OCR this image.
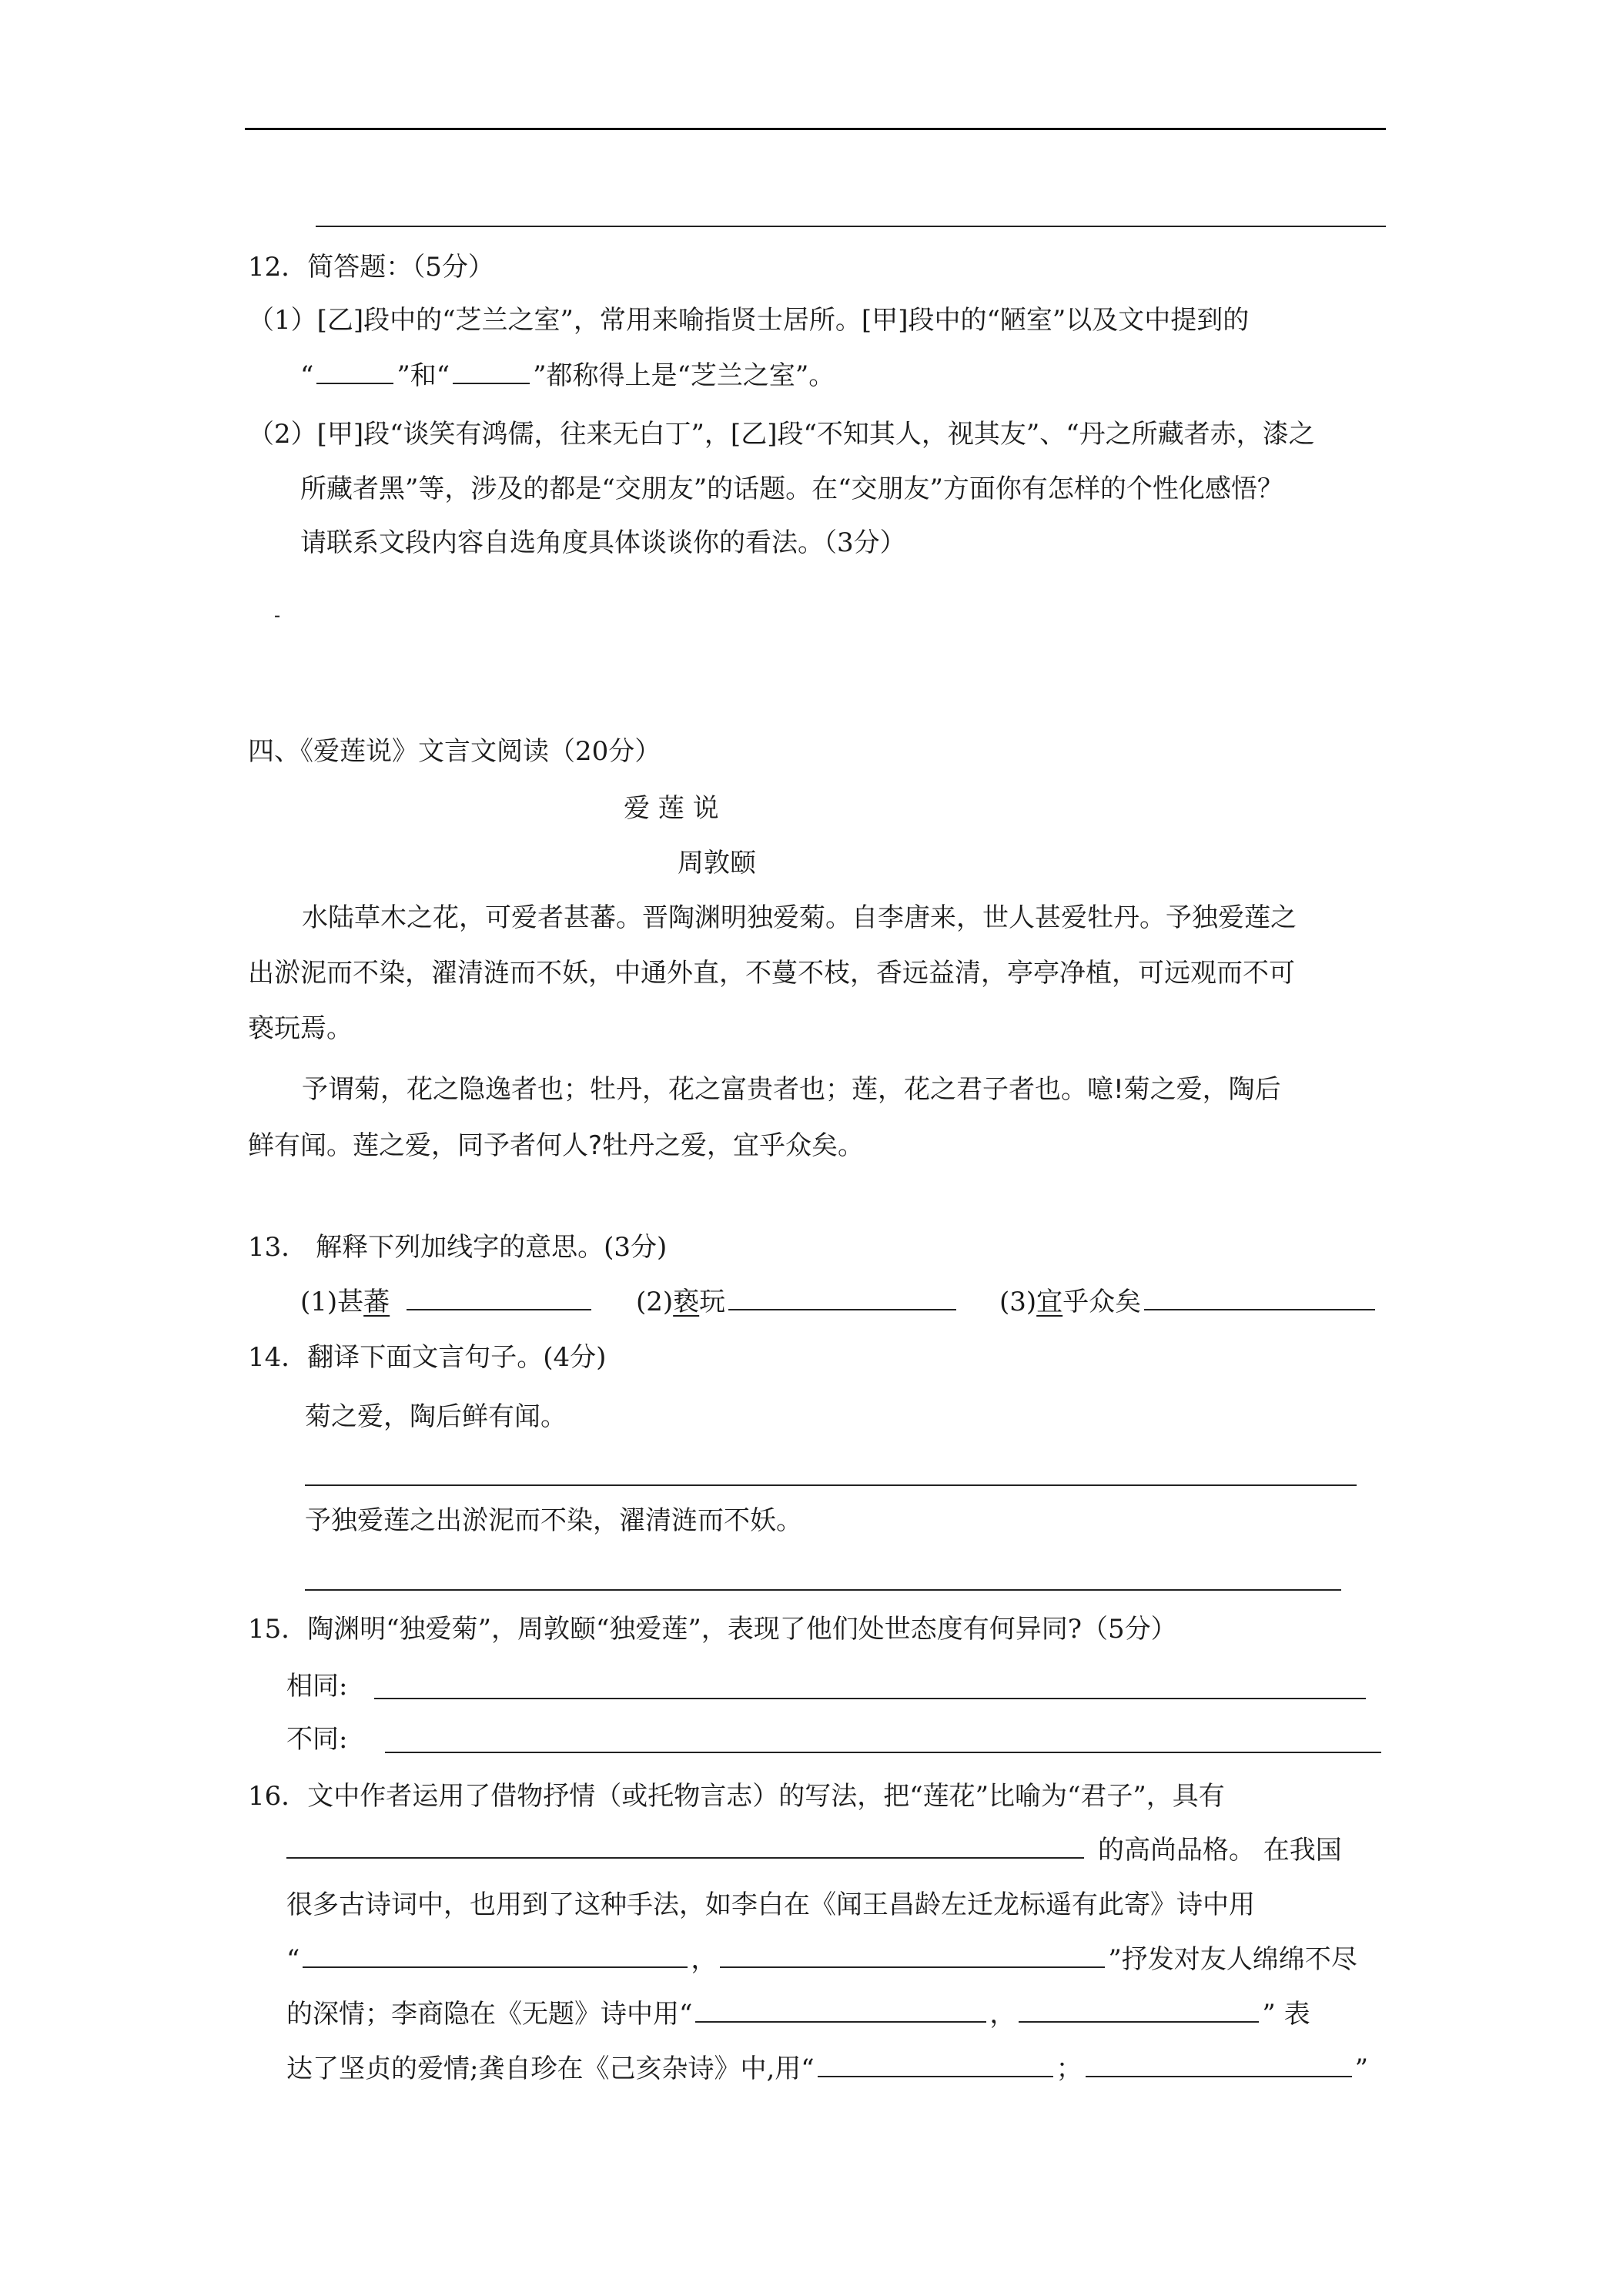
12．简答题：（5分）
（1）[乙]段中的“芝兰之室”，常用来喻指贤士居所。[甲]段中的“陋室”以及文中提到的
“	”和“	”都称得上是“芝兰之室”。
（2）[甲]段“谈笑有鸿儒，往来无白丁”，[乙]段“不知其人，视其友”、“丹之所藏者赤，漆之
所藏者黑”等，涉及的都是“交朋友”的话题。在“交朋友”方面你有怎样的个性化感悟？
请联系文段内容自选角度具体谈谈你的看法。（3分）
-
四、《爱莲说》文言文阅读（20分）
爱 莲 说
周敦颐
水陆草木之花，可爱者甚蕃。晋陶渊明独爱菊。自李唐来，世人甚爱牡丹。予独爱莲之
出淤泥而不染，濯清涟而不妖，中通外直，不蔓不枝，香远益清，亭亭净植，可远观而不可
亵玩焉。
予谓菊，花之隐逸者也；牡丹，花之富贵者也；莲，花之君子者也。噫!菊之爱，陶后
鲜有闻。莲之爱，同予者何人?牡丹之爱，宜乎众矣。
13． 解释下列加线字的意思。(3分)
(1)甚蕃	(2)亵玩	(3)宜乎众矣
14．翻译下面文言句子。(4分)
菊之爱，陶后鲜有闻。
予独爱莲之出淤泥而不染，濯清涟而不妖。
15．陶渊明“独爱菊”，周敦颐“独爱莲”，表现了他们处世态度有何异同?（5分）
相同:
不同:
16．文中作者运用了借物抒情（或托物言志）的写法，把“莲花”比喻为“君子”，具有
的高尚品格。 在我国
很多古诗词中，也用到了这种手法，如李白在《闻王昌龄左迁龙标遥有此寄》诗中用
“	，	”抒发对友人绵绵不尽
的深情；李商隐在《无题》诗中用“	，	” 表
达了坚贞的爱情;龚自珍在《己亥杂诗》中,用“	；	”
